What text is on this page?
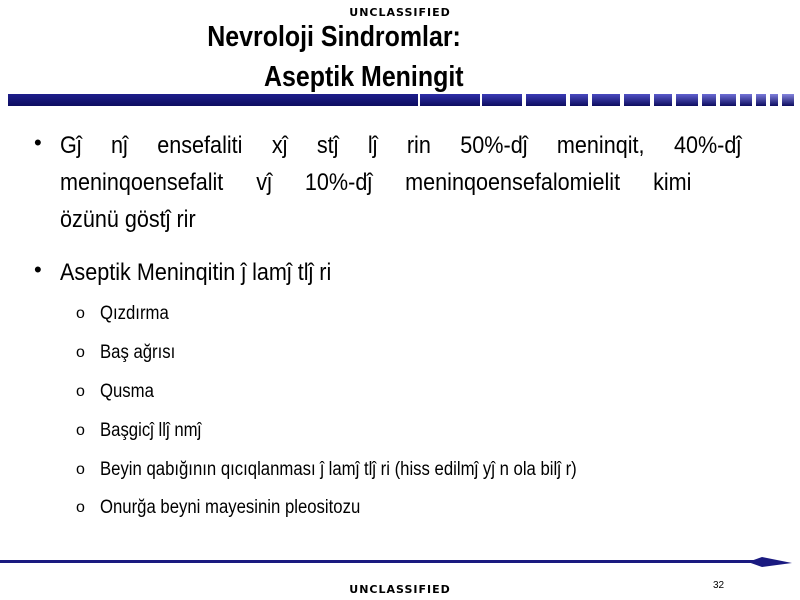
UNCLASSIFIED
Nevroloji Sindromlar:
Aseptik Meningit
• Gĵ nĵ ensefaliti xĵ stĵ lĵ rin 50%-dĵ meninqit, 40%-dĵ
meninqoensefalit vĵ 10%-dĵ meninqoensefalomielit kimi
özünü göstĵ rir
• Aseptik Meninqitin ĵ lamĵ tlĵ ri
o Qızdırma
o Baş ağrısı
o Qusma
o Başgicĵ llĵ nmĵ
o Beyin qabığının qıcıqlanması ĵ lamĵ tlĵ ri (hiss edilmĵ yĵ n ola bilĵ r)
o Onurğa beyni mayesinin pleositozu
32
UNCLASSIFIED
